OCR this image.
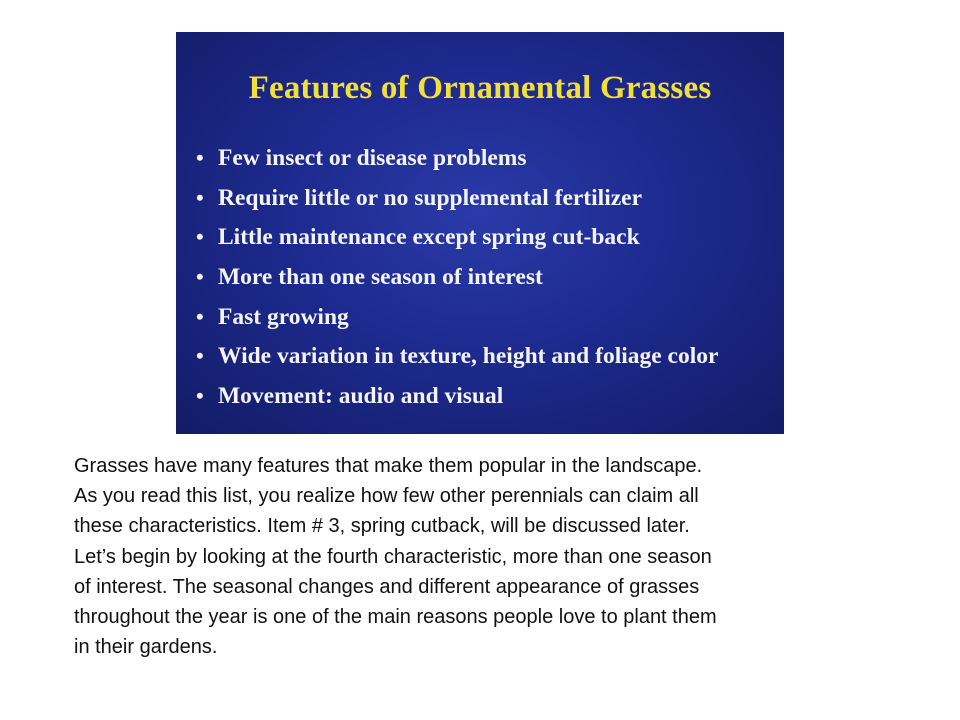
Features of Ornamental Grasses
• Few insect or disease problems
• Require little or no supplemental fertilizer
• Little maintenance except spring cut-back
• More than one season of interest
• Fast growing
• Wide variation in texture, height and foliage color
• Movement: audio and visual

Grasses have many features that make them popular in the landscape.
As you read this list, you realize how few other perennials can claim all
these characteristics. Item # 3, spring cutback, will be discussed later.
Let’s begin by looking at the fourth characteristic, more than one season
of interest. The seasonal changes and different appearance of grasses
throughout the year is one of the main reasons people love to plant them
in their gardens.
